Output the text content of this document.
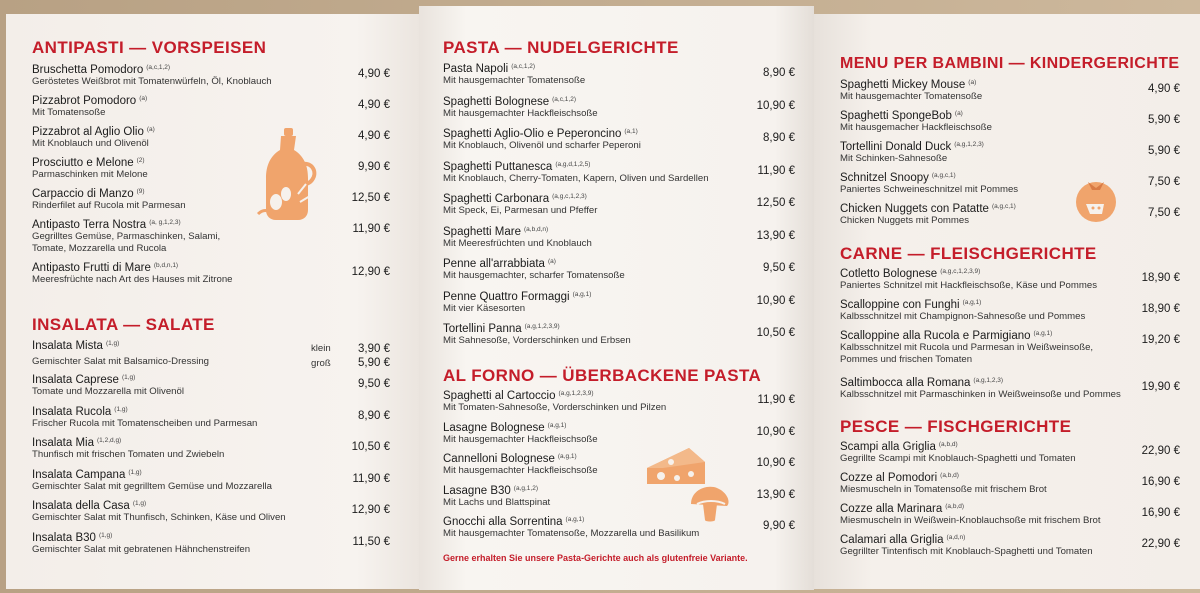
ANTIPASTI — VORSPEISEN
Bruschetta Pomodoro $^{(a,c,1,2)}$
Geröstetes Weißbrot mit Tomatenwürfeln, Öl, Knoblauch
4,90 €
Pizzabrot Pomodoro $^{(a)}$
Mit Tomatensoße
4,90 €
Pizzabrot al Aglio Olio $^{(a)}$
Mit Knoblauch und Olivenöl
4,90 €
Prosciutto e Melone $^{(2)}$
Parmaschinken mit Melone
9,90 €
Carpaccio di Manzo $^{(9)}$
Rinderfilet auf Rucola mit Parmesan
12,50 €
Antipasto Terra Nostra $^{(a, g,1,2,3)}$
Gegrilltes Gemüse, Parmaschinken, Salami,
Tomate, Mozzarella und Rucola
11,90 €
Antipasto Frutti di Mare $^{(b,d,n,1)}$
Meeresfrüchte nach Art des Hauses mit Zitrone
12,90 €
INSALATA — SALATE
Insalata Mista $^{(1,g)}$
Gemischter Salat mit Balsamico-Dressing
klein 3,90 €
groß 5,90 €
Insalata Caprese $^{(1,g)}$
Tomate und Mozzarella mit Olivenöl
9,50 €
Insalata Rucola $^{(1,g)}$
Frischer Rucola mit Tomatenscheiben und Parmesan
8,90 €
Insalata Mia $^{(1,2,d,g)}$
Thunfisch mit frischen Tomaten und Zwiebeln
10,50 €
Insalata Campana $^{(1,g)}$
Gemischter Salat mit gegrilltem Gemüse und Mozzarella
11,90 €
Insalata della Casa $^{(1,g)}$
Gemischter Salat mit Thunfisch, Schinken, Käse und Oliven
12,90 €
Insalata B30 $^{(1,g)}$
Gemischter Salat mit gebratenen Hähnchenstreifen
11,50 €
PASTA — NUDELGERICHTE
Pasta Napoli $^{(a,c,1,2)}$
Mit hausgemachter Tomatensoße
8,90 €
Spaghetti Bolognese $^{(a,c,1,2)}$
Mit hausgemachter Hackfleischsoße
10,90 €
Spaghetti Aglio-Olio e Peperoncino $^{(a,1)}$
Mit Knoblauch, Olivenöl und scharfer Peperoni
8,90 €
Spaghetti Puttanesca $^{(a,g,d,1,2,5)}$
Mit Knoblauch, Cherry-Tomaten, Kapern, Oliven und Sardellen
11,90 €
Spaghetti Carbonara $^{(a,g,c,1,2,3)}$
Mit Speck, Ei, Parmesan und Pfeffer
12,50 €
Spaghetti Mare $^{(a,b,d,n)}$
Mit Meeresfrüchten und Knoblauch
13,90 €
Penne all'arrabbiata $^{(a)}$
Mit hausgemachter, scharfer Tomatensoße
9,50 €
Penne Quattro Formaggi $^{(a,g,1)}$
Mit vier Käsesorten
10,90 €
Tortellini Panna $^{(a,g,1,2,3,9)}$
Mit Sahnesoße, Vorderschinken und Erbsen
10,50 €
AL FORNO — ÜBERBACKENE PASTA
Spaghetti al Cartoccio $^{(a,g,1,2,3,9)}$
Mit Tomaten-Sahnesoße, Vorderschinken und Pilzen
11,90 €
Lasagne Bolognese $^{(a,g,1)}$
Mit hausgemachter Hackfleischsoße
10,90 €
Cannelloni Bolognese $^{(a,g,1)}$
Mit hausgemachter Hackfleischsoße
10,90 €
Lasagne B30 $^{(a,g,1,2)}$
Mit Lachs und Blattspinat
13,90 €
Gnocchi alla Sorrentina $^{(a,g,1)}$
Mit hausgemachter Tomatensoße, Mozzarella und Basilikum
9,90 €
Gerne erhalten Sie unsere Pasta-Gerichte auch als glutenfreie Variante.
MENU PER BAMBINI — KINDERGERICHTE
Spaghetti Mickey Mouse $^{(a)}$
Mit hausgemachter Tomatensoße
4,90 €
Spaghetti SpongeBob $^{(a)}$
Mit hausgemacher Hackfleischsoße
5,90 €
Tortellini Donald Duck $^{(a,g,1,2,3)}$
Mit Schinken-Sahnesoße
5,90 €
Schnitzel Snoopy $^{(a,g,c,1)}$
Paniertes Schweineschnitzel mit Pommes
7,50 €
Chicken Nuggets con Patatte $^{(a,g,c,1)}$
Chicken Nuggets mit Pommes
7,50 €
CARNE — FLEISCHGERICHTE
Cotletto Bolognese $^{(a,g,c,1,2,3,9)}$
Paniertes Schnitzel mit Hackfleischsoße, Käse und Pommes
18,90 €
Scalloppine con Funghi $^{(a,g,1)}$
Kalbsschnitzel mit Champignon-Sahnesoße und Pommes
18,90 €
Scalloppine alla Rucola e Parmigiano $^{(a,g,1)}$
Kalbsschnitzel mit Rucola und Parmesan in Weißweinsoße,
Pommes und frischen Tomaten
19,20 €
Saltimbocca alla Romana $^{(a,g,1,2,3)}$
Kalbsschnitzel mit Parmaschinken in Weißweinsoße und Pommes
19,90 €
PESCE — FISCHGERICHTE
Scampi alla Griglia $^{(a,b,d)}$
Gegrillte Scampi mit Knoblauch-Spaghetti und Tomaten
22,90 €
Cozze al Pomodori $^{(a,b,d)}$
Miesmuscheln in Tomatensoße mit frischem Brot
16,90 €
Cozze alla Marinara $^{(a,b,d)}$
Miesmuscheln in Weißwein-Knoblauchsoße mit frischem Brot
16,90 €
Calamari alla Griglia $^{(a,d,n)}$
Gegrillter Tintenfisch mit Knoblauch-Spaghetti und Tomaten
22,90 €
